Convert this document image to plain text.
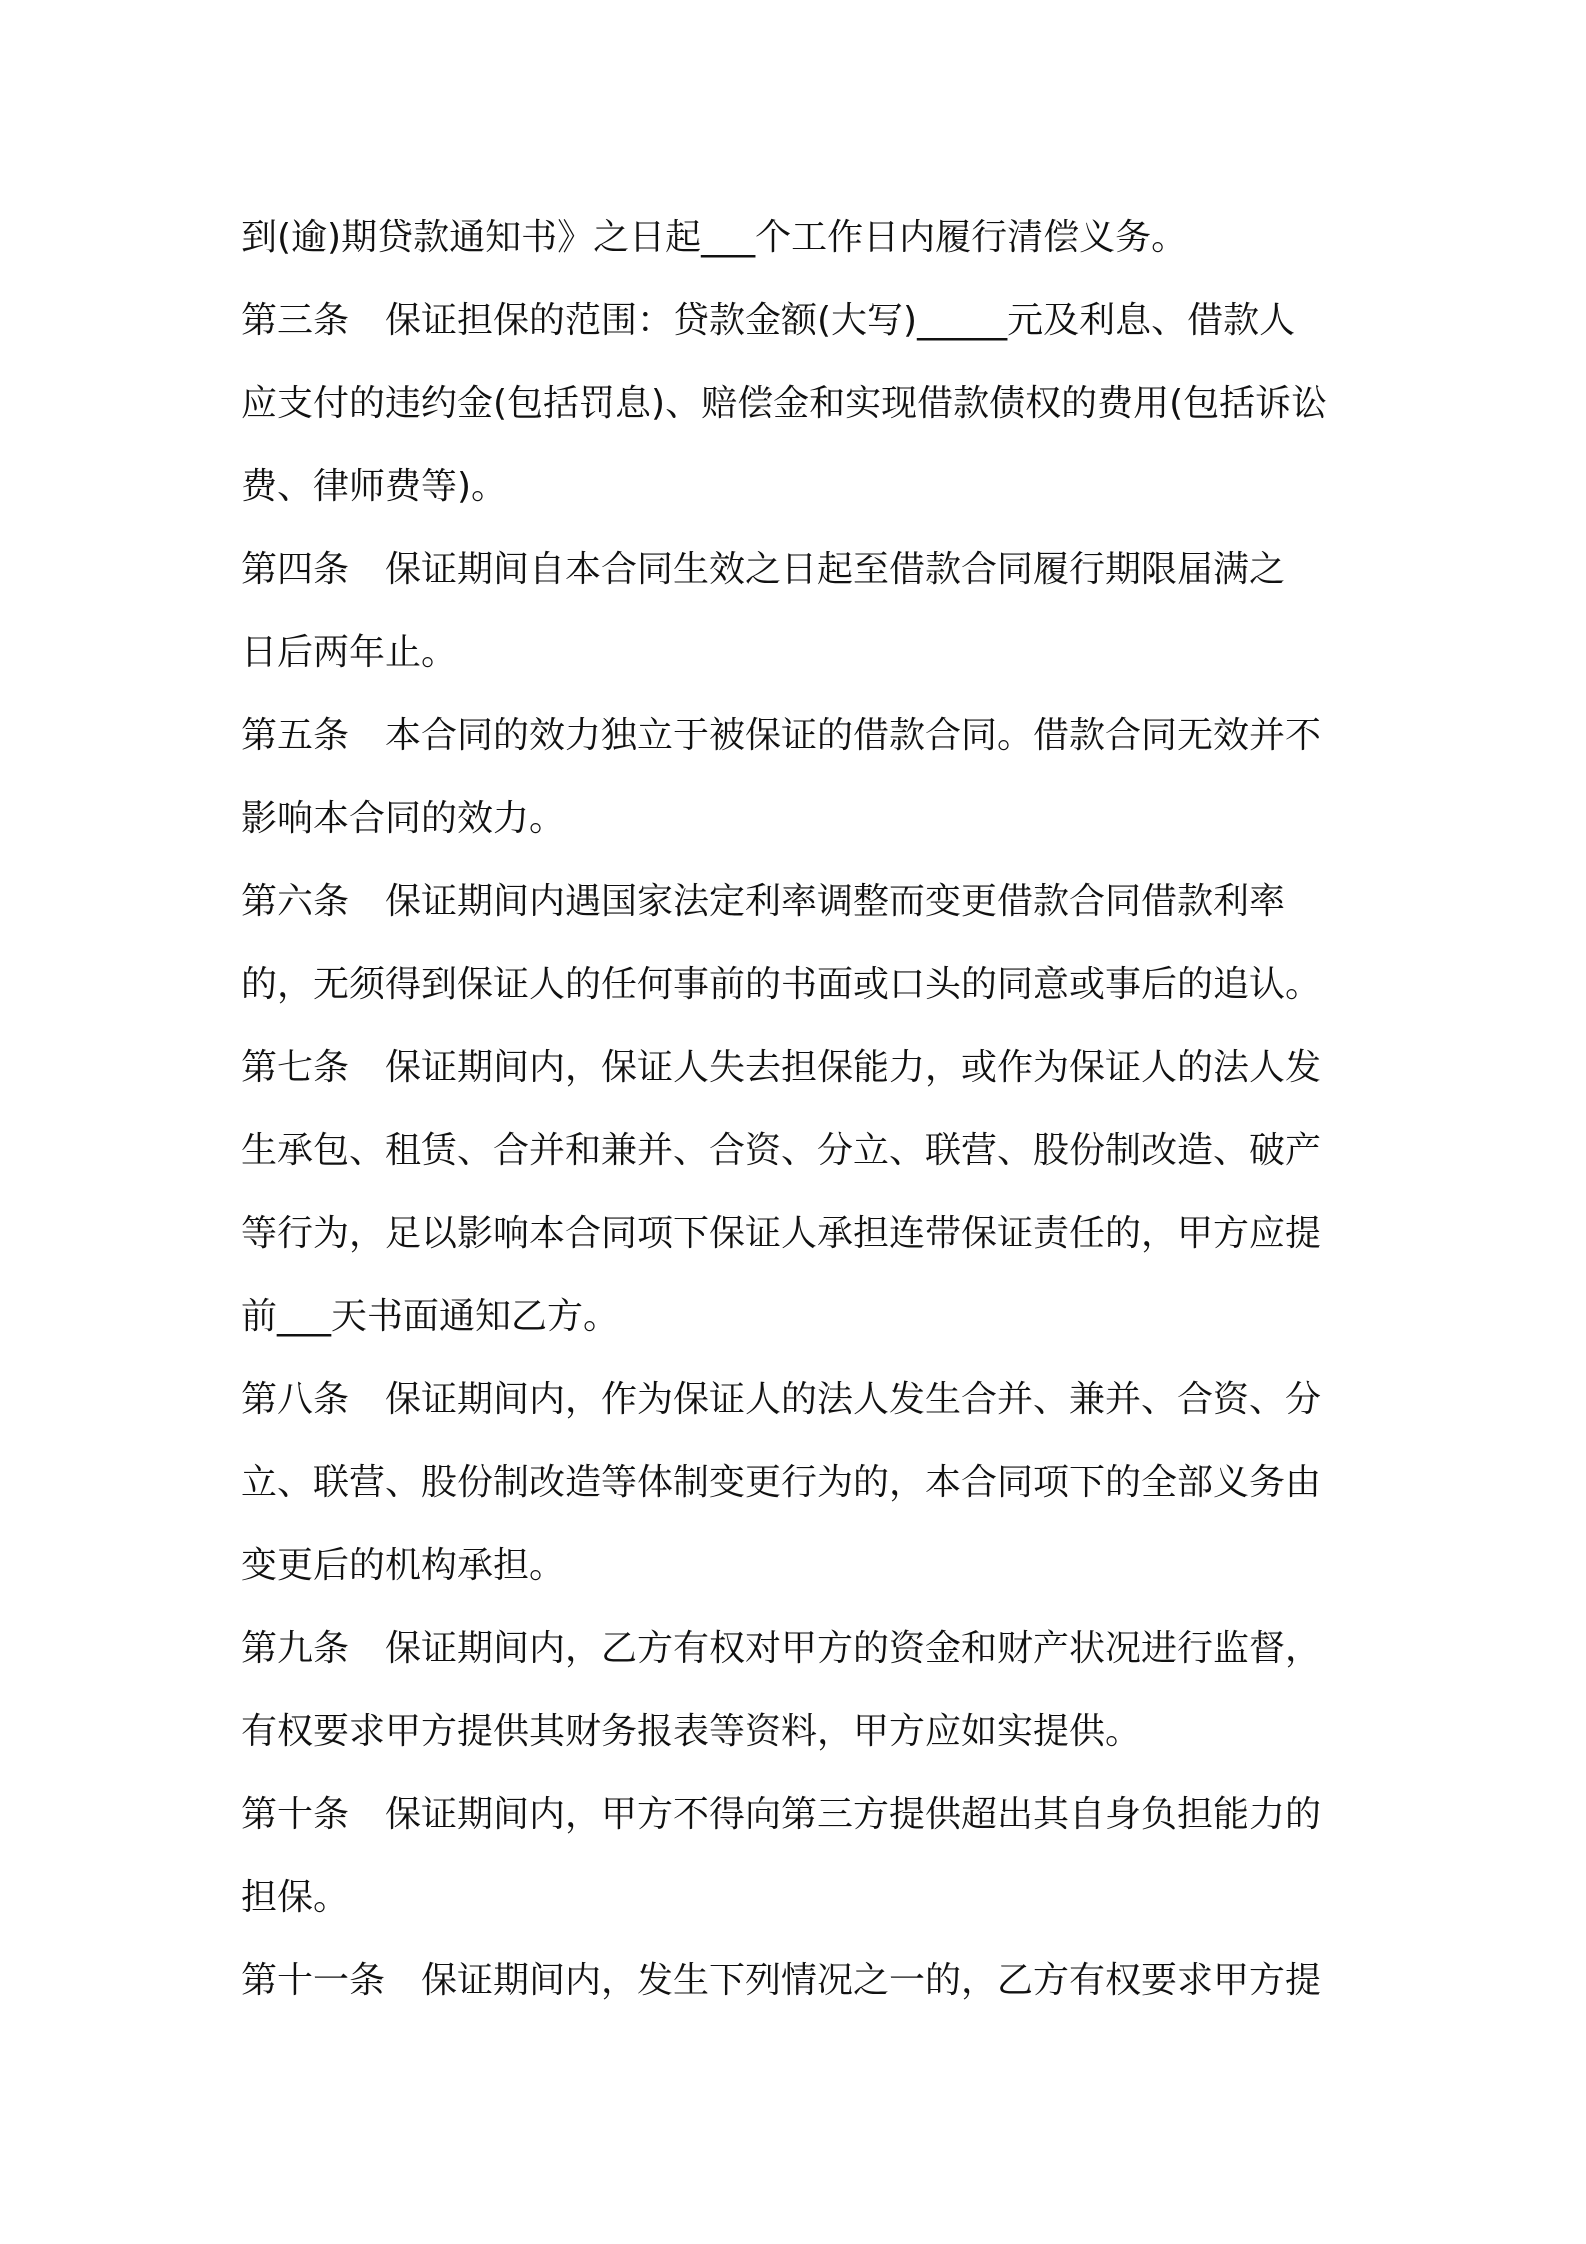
到(逾)期贷款通知书》之日起___个工作日内履行清偿义务。
第三条　保证担保的范围：贷款金额(大写)_____元及利息、借款人
应支付的违约金(包括罚息)、赔偿金和实现借款债权的费用(包括诉讼
费、律师费等)。
第四条　保证期间自本合同生效之日起至借款合同履行期限届满之
日后两年止。
第五条　本合同的效力独立于被保证的借款合同。借款合同无效并不
影响本合同的效力。
第六条　保证期间内遇国家法定利率调整而变更借款合同借款利率
的，无须得到保证人的任何事前的书面或口头的同意或事后的追认。
第七条　保证期间内，保证人失去担保能力，或作为保证人的法人发
生承包、租赁、合并和兼并、合资、分立、联营、股份制改造、破产
等行为，足以影响本合同项下保证人承担连带保证责任的，甲方应提
前___天书面通知乙方。
第八条　保证期间内，作为保证人的法人发生合并、兼并、合资、分
立、联营、股份制改造等体制变更行为的，本合同项下的全部义务由
变更后的机构承担。
第九条　保证期间内，乙方有权对甲方的资金和财产状况进行监督，
有权要求甲方提供其财务报表等资料，甲方应如实提供。
第十条　保证期间内，甲方不得向第三方提供超出其自身负担能力的
担保。
第十一条　保证期间内，发生下列情况之一的，乙方有权要求甲方提
